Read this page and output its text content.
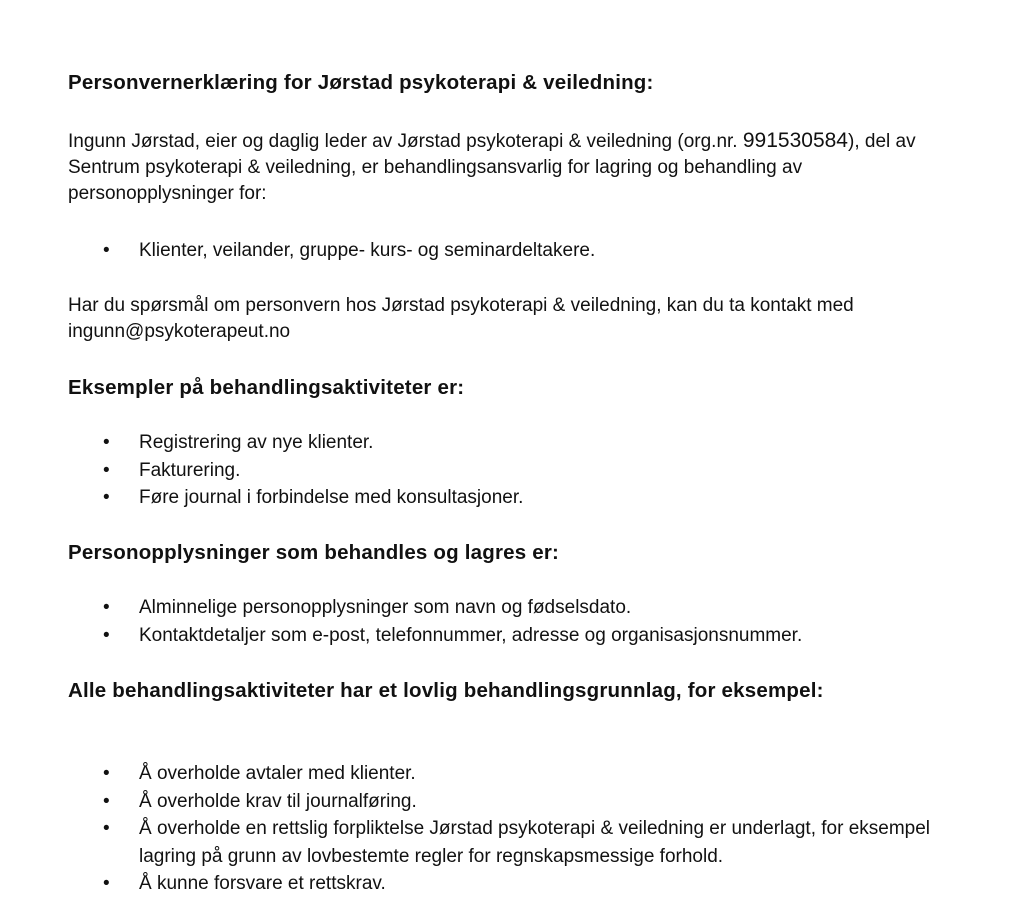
Personvernerklæring for Jørstad psykoterapi & veiledning:

Ingunn Jørstad, eier og daglig leder av Jørstad psykoterapi & veiledning (org.nr. 991530584), del av Sentrum psykoterapi & veiledning, er behandlingsansvarlig for lagring og behandling av personopplysninger for:

• Klienter, veilander, gruppe- kurs- og seminardeltakere.

Har du spørsmål om personvern hos Jørstad psykoterapi & veiledning, kan du ta kontakt med ingunn@psykoterapeut.no

Eksempler på behandlingsaktiviteter er:
• Registrering av nye klienter.
• Fakturering.
• Føre journal i forbindelse med konsultasjoner.
Personopplysninger som behandles og lagres er:
• Alminnelige personopplysninger som navn og fødselsdato.
• Kontaktdetaljer som e-post, telefonnummer, adresse og organisasjonsnummer.
Alle behandlingsaktiviteter har et lovlig behandlingsgrunnlag, for eksempel:
• Å overholde avtaler med klienter.
• Å overholde krav til journalføring.
• Å overholde en rettslig forpliktelse Jørstad psykoterapi & veiledning er underlagt, for eksempel lagring på grunn av lovbestemte regler for regnskapsmessige forhold.
• Å kunne forsvare et rettskrav.
